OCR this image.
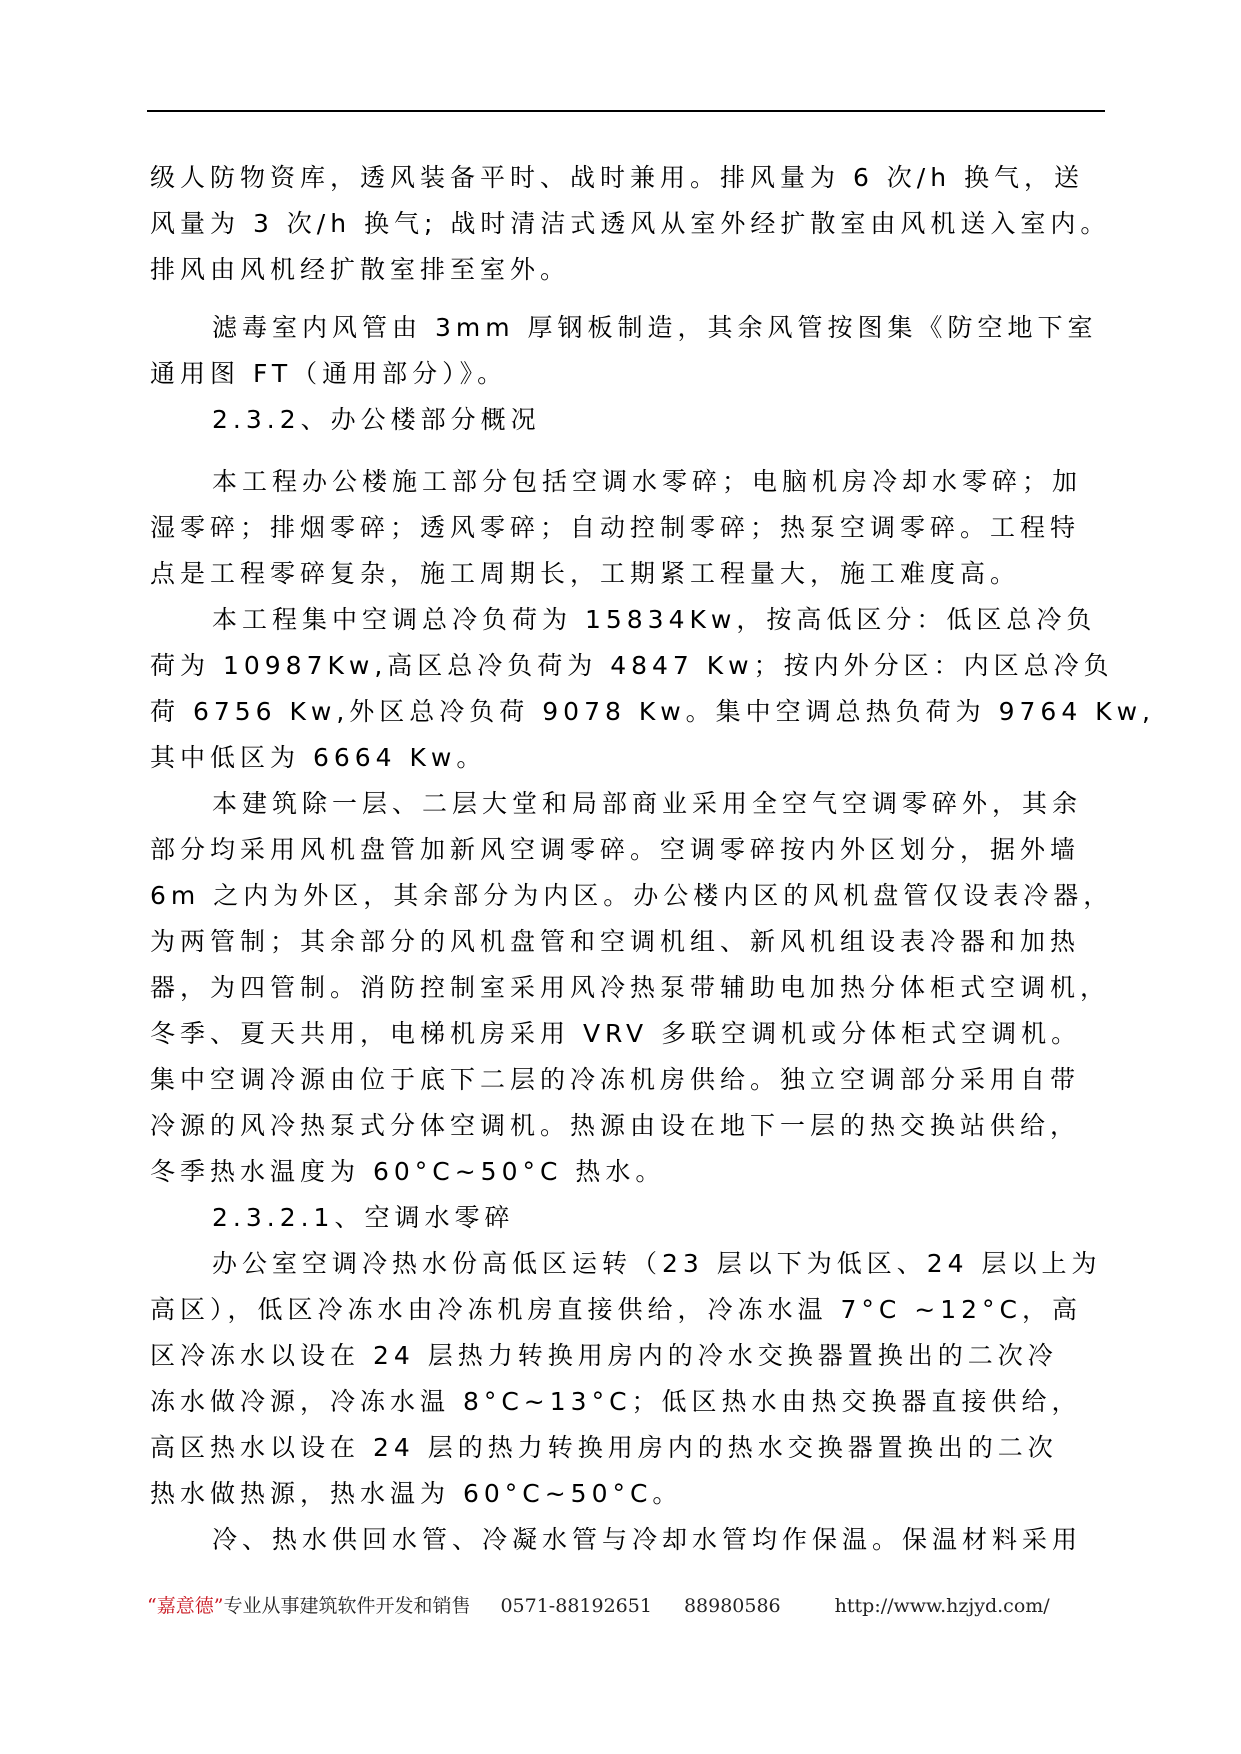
级人防物资库，透风装备平时、战时兼用。排风量为 6 次/h 换气，送
风量为 3 次/h 换气; 战时清洁式透风从室外经扩散室由风机送入室内。
排风由风机经扩散室排至室外。
滤毒室内风管由 3mm 厚钢板制造，其余风管按图集《防空地下室
通用图 FT（通用部分）》。
2.3.2、办公楼部分概况
本工程办公楼施工部分包括空调水零碎；电脑机房冷却水零碎；加
湿零碎；排烟零碎；透风零碎；自动控制零碎；热泵空调零碎。工程特
点是工程零碎复杂，施工周期长，工期紧工程量大，施工难度高。
本工程集中空调总冷负荷为 15834Kw，按高低区分：低区总冷负
荷为 10987Kw,高区总冷负荷为 4847 Kw；按内外分区：内区总冷负
荷 6756 Kw,外区总冷负荷 9078 Kw。集中空调总热负荷为 9764 Kw,
其中低区为 6664 Kw。
本建筑除一层、二层大堂和局部商业采用全空气空调零碎外，其余
部分均采用风机盘管加新风空调零碎。空调零碎按内外区划分，据外墙
6m 之内为外区，其余部分为内区。办公楼内区的风机盘管仅设表冷器，
为两管制；其余部分的风机盘管和空调机组、新风机组设表冷器和加热
器，为四管制。消防控制室采用风冷热泵带辅助电加热分体柜式空调机，
冬季、夏天共用，电梯机房采用 VRV 多联空调机或分体柜式空调机。
集中空调冷源由位于底下二层的冷冻机房供给。独立空调部分采用自带
冷源的风冷热泵式分体空调机。热源由设在地下一层的热交换站供给，
冬季热水温度为 60°C~50°C 热水。
2.3.2.1、空调水零碎
办公室空调冷热水份高低区运转（23 层以下为低区、24 层以上为
高区），低区冷冻水由冷冻机房直接供给，冷冻水温 7°C ~12°C，高
区冷冻水以设在 24 层热力转换用房内的冷水交换器置换出的二次冷
冻水做冷源，冷冻水温 8°C~13°C；低区热水由热交换器直接供给，
高区热水以设在 24 层的热力转换用房内的热水交换器置换出的二次
热水做热源，热水温为 60°C~50°C。
冷、热水供回水管、冷凝水管与冷却水管均作保温。保温材料采用
“嘉意德”专业从事建筑软件开发和销售 0571-88192651 88980586	http://www.hzjyd.com/
